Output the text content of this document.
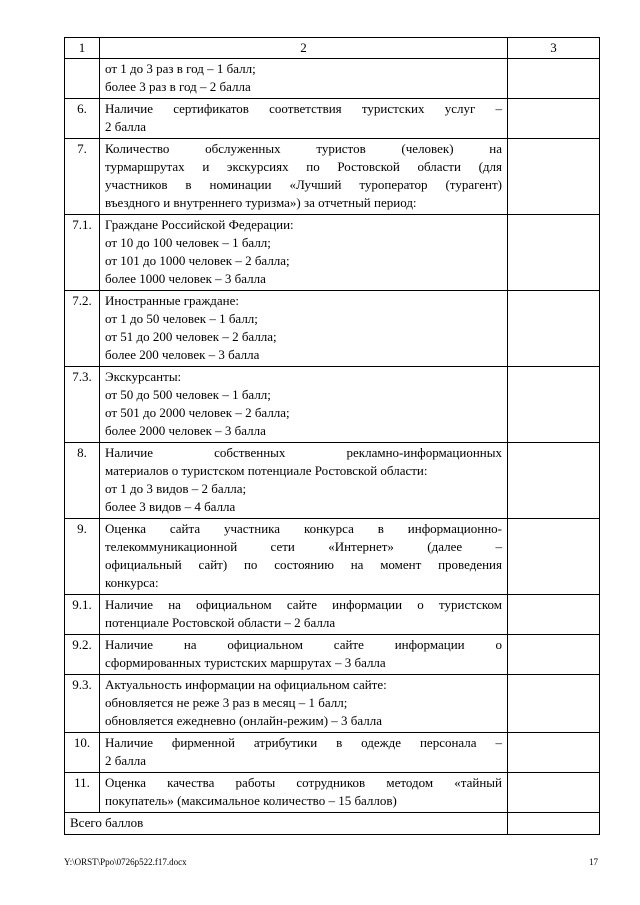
1	2	3

	от 1 до 3 раз в год – 1 балл;
более 3 раз в год – 2 балла	

6.	Наличие сертификатов соответствия туристских услуг –
2 балла	

7.	Количество обслуженных туристов (человек) на
турмаршрутах и экскурсиях по Ростовской области (для
участников в номинации «Лучший туроператор (турагент)
въездного и внутреннего туризма») за отчетный период:	

7.1.	Граждане Российской Федерации:
от 10 до 100 человек – 1 балл;
от 101 до 1000 человек – 2 балла;
более 1000 человек – 3 балла	

7.2.	Иностранные граждане:
от 1 до 50 человек – 1 балл;
от 51 до 200 человек – 2 балла;
более 200 человек – 3 балла	

7.3.	Экскурсанты:
от 50 до 500 человек – 1 балл;
от 501 до 2000 человек – 2 балла;
более 2000 человек – 3 балла	

8.	Наличие собственных рекламно-информационных
материалов о туристском потенциале Ростовской области:
от 1 до 3 видов – 2 балла;
более 3 видов – 4 балла	

9.	Оценка сайта участника конкурса в информационно-
телекоммуникационной сети «Интернет» (далее –
официальный сайт) по состоянию на момент проведения
конкурса:	

9.1.	Наличие на официальном сайте информации о туристском
потенциале Ростовской области – 2 балла	

9.2.	Наличие на официальном сайте информации о
сформированных туристских маршрутах – 3 балла	

9.3.	Актуальность информации на официальном сайте:
обновляется не реже 3 раз в месяц – 1 балл;
обновляется ежедневно (онлайн-режим) – 3 балла	

10.	Наличие фирменной атрибутики в одежде персонала –
2 балла	

11.	Оценка качества работы сотрудников методом «тайный
покупатель» (максимальное количество – 15 баллов)	

Всего баллов		
Y:\ORST\Ppo\0726p522.f17.docx	17
